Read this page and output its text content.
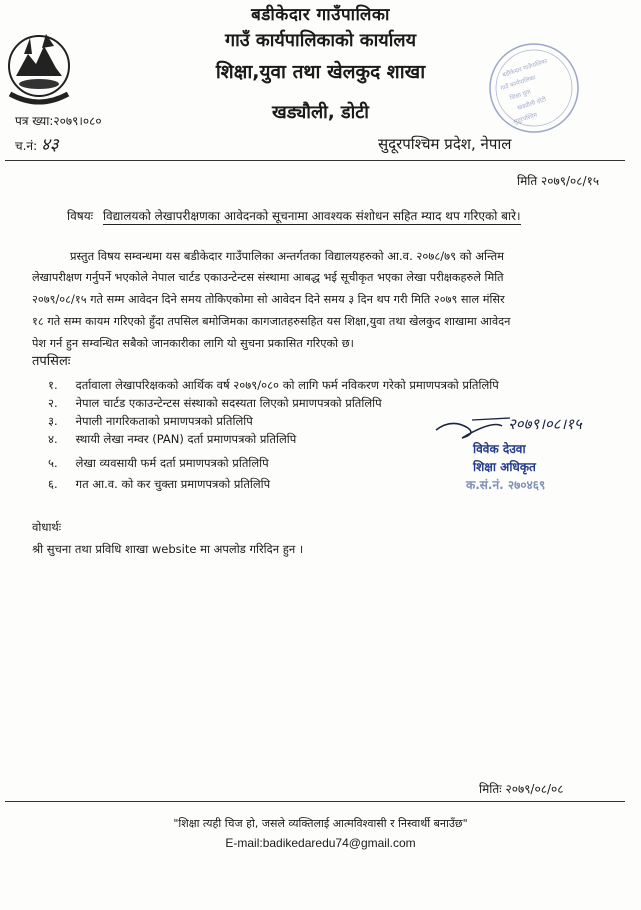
बडीकेदार गाउँपालिका
गाउँ कार्यपालिकाको कार्यालय
शिक्षा,युवा तथा खेलकुद शाखा
खड्यौली, डोटी
बडीकेदार गाउँपालिका
गाउँ कार्यपालिका
शिक्षा युवा
खड्यौली डोटी
सुदूरपश्चिम
पत्र ख्या:२०७९।०८०
च.नं: ४३	सुदूरपश्चिम प्रदेश, नेपाल
मिति २०७९/०८/१५
विषयः विद्यालयको लेखापरीक्षणका आवेदनको सूचनामा आवश्यक संशोधन सहित म्याद थप गरिएको बारे।
प्रस्तुत विषय सम्वन्धमा यस बडीकेदार गाउँपालिका अन्तर्गतका विद्यालयहरुको आ.व. २०७८/७९ को अन्तिम
लेखापरीक्षण गर्नुपर्ने भएकोले नेपाल चार्टड एकाउन्टेन्टस संस्थामा आबद्ध भई सूचीकृत भएका लेखा परीक्षकहरुले मिति
२०७९/०८/१५ गते सम्म आवेदन दिने समय तोकिएकोमा सो आवेदन दिने समय ३ दिन थप गरी मिति २०७९ साल मंसिर
१८ गते सम्म कायम गरिएकाे हुँदा तपसिल बमोजिमका कागजातहरुसहित यस शिक्षा,युवा तथा खेलकुद शाखामा आवेदन
पेश गर्न हुन सम्वन्धित सबैको जानकारीका लागि यो सुचना प्रकासित गरिएको छ।
तपसिलः
१. दर्तावाला लेखापरिक्षकको आर्थिक वर्ष २०७९/०८० को लागि फर्म नविकरण गरेको प्रमाणपत्रको प्रतिलिपि
२. नेपाल चार्टड एकाउन्टेन्टस संस्थाको सदस्यता लिएको प्रमाणपत्रको प्रतिलिपि
३. नेपाली नागरिकताको प्रमाणपत्रको प्रतिलिपि
४. स्थायी लेखा नम्वर (PAN) दर्ता प्रमाणपत्रको प्रतिलिपि
५. लेखा व्यवसायी फर्म दर्ता प्रमाणपत्रको प्रतिलिपि
६. गत आ.व. को कर चुक्ता प्रमाणपत्रको प्रतिलिपि
२०७९।०८।१५
विवेक देउवा
शिक्षा अधिकृत
क.सं.नं. २७०४६९
वोधार्थः
श्री सुचना तथा प्रविधि शाखा website मा अपलोड गरिदिन हुन ।
मितिः २०७९/०८/०८
"शिक्षा त्यही चिज हो, जसले व्यक्तिलाई आत्मविश्वासी र निस्वार्थी बनाउँछ"
E-mail:badikedaredu74@gmail.com
